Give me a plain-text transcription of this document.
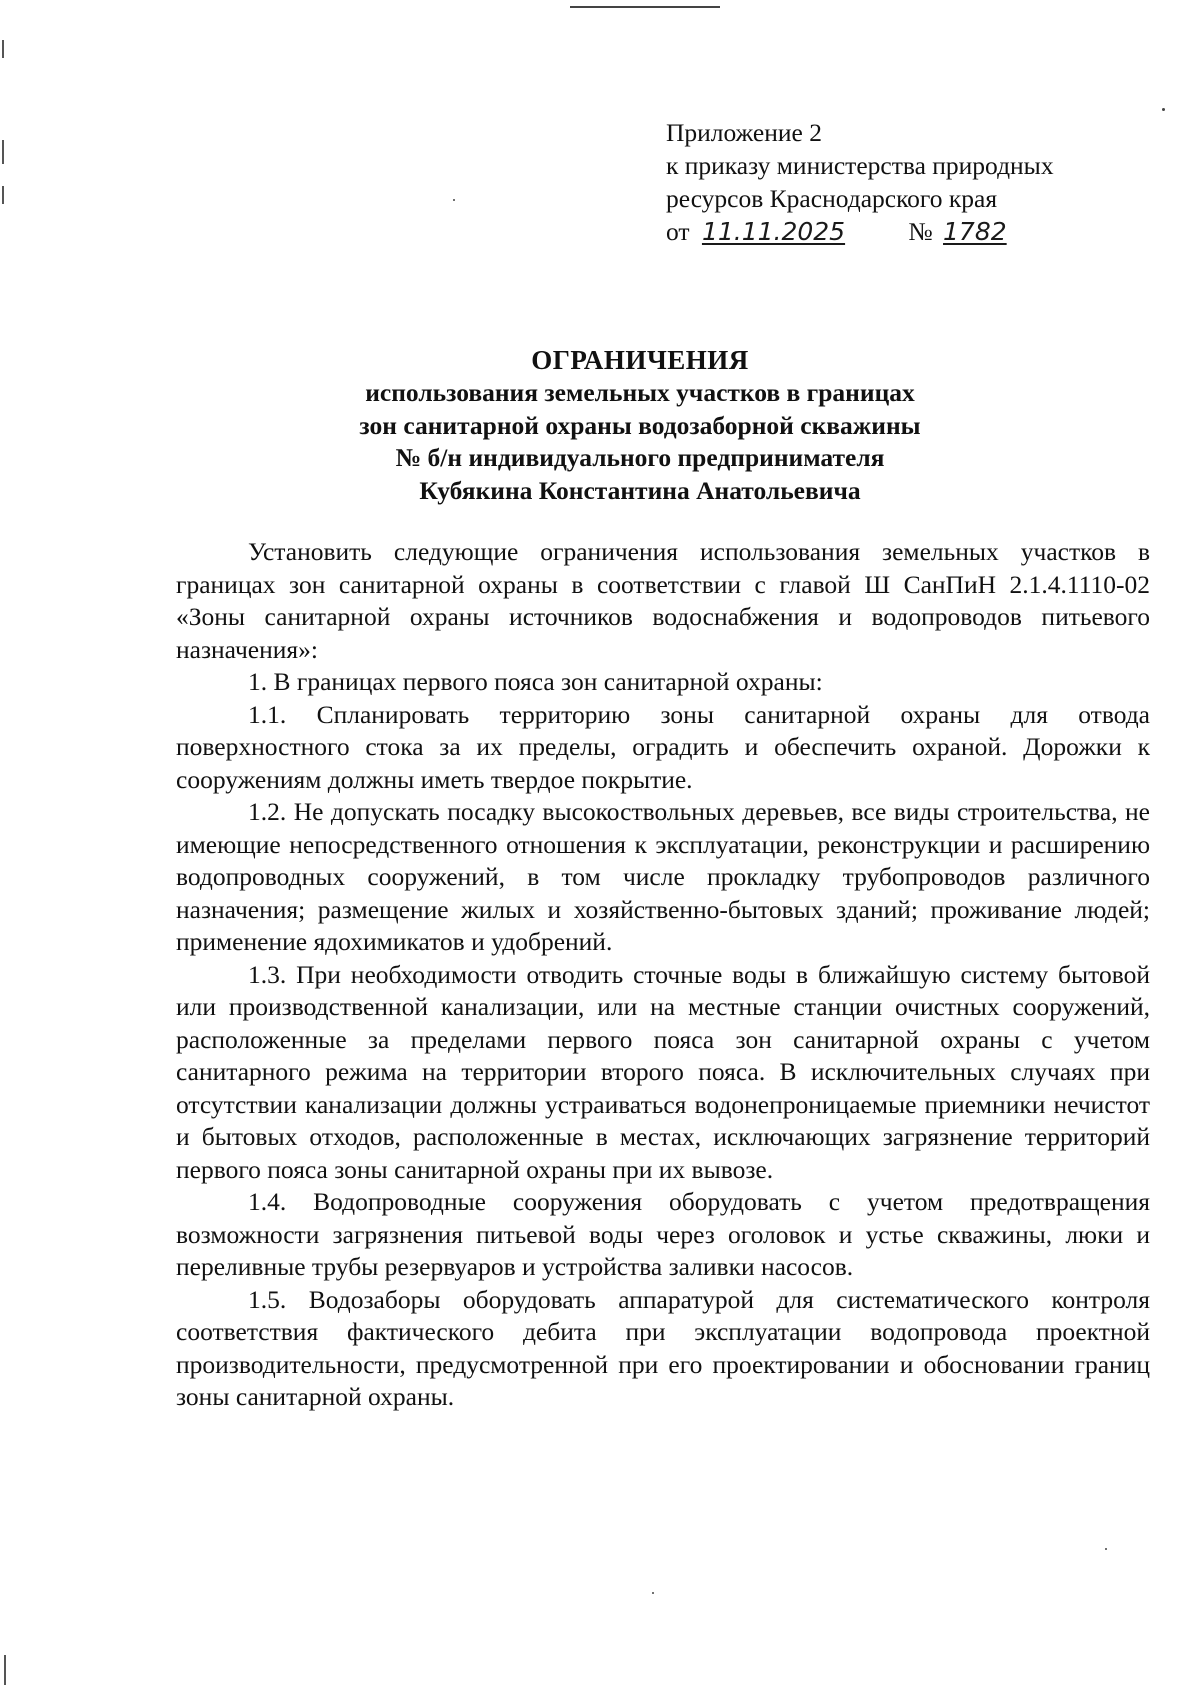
Приложение 2
к приказу министерства природных
ресурсов Краснодарского края
от 11.11.2025 № 1782
ОГРАНИЧЕНИЯ
использования земельных участков в границах
зон санитарной охраны водозаборной скважины
№ б/н индивидуального предпринимателя
Кубякина Константина Анатольевича

Установить следующие ограничения использования земельных участков в границах зон санитарной охраны в соответствии с главой Ш СанПиН 2.1.4.1110-02 «Зоны санитарной охраны источников водоснабжения и водопроводов питьевого назначения»:

1. В границах первого пояса зон санитарной охраны:

1.1. Спланировать территорию зоны санитарной охраны для отвода поверхностного стока за их пределы, оградить и обеспечить охраной. Дорожки к сооружениям должны иметь твердое покрытие.

1.2. Не допускать посадку высокоствольных деревьев, все виды строительства, не имеющие непосредственного отношения к эксплуатации, реконструкции и расширению водопроводных сооружений, в том числе прокладку трубопроводов различного назначения; размещение жилых и хозяйственно-бытовых зданий; проживание людей; применение ядохимикатов и удобрений.

1.3. При необходимости отводить сточные воды в ближайшую систему бытовой или производственной канализации, или на местные станции очистных сооружений, расположенные за пределами первого пояса зон санитарной охраны с учетом санитарного режима на территории второго пояса. В исключительных случаях при отсутствии канализации должны устраиваться водонепроницаемые приемники нечистот и бытовых отходов, расположенные в местах, исключающих загрязнение территорий первого пояса зоны санитарной охраны при их вывозе.

1.4. Водопроводные сооружения оборудовать с учетом предотвращения возможности загрязнения питьевой воды через оголовок и устье скважины, люки и переливные трубы резервуаров и устройства заливки насосов.

1.5. Водозаборы оборудовать аппаратурой для систематического контроля соответствия фактического дебита при эксплуатации водопровода проектной производительности, предусмотренной при его проектировании и обосновании границ зоны санитарной охраны.
